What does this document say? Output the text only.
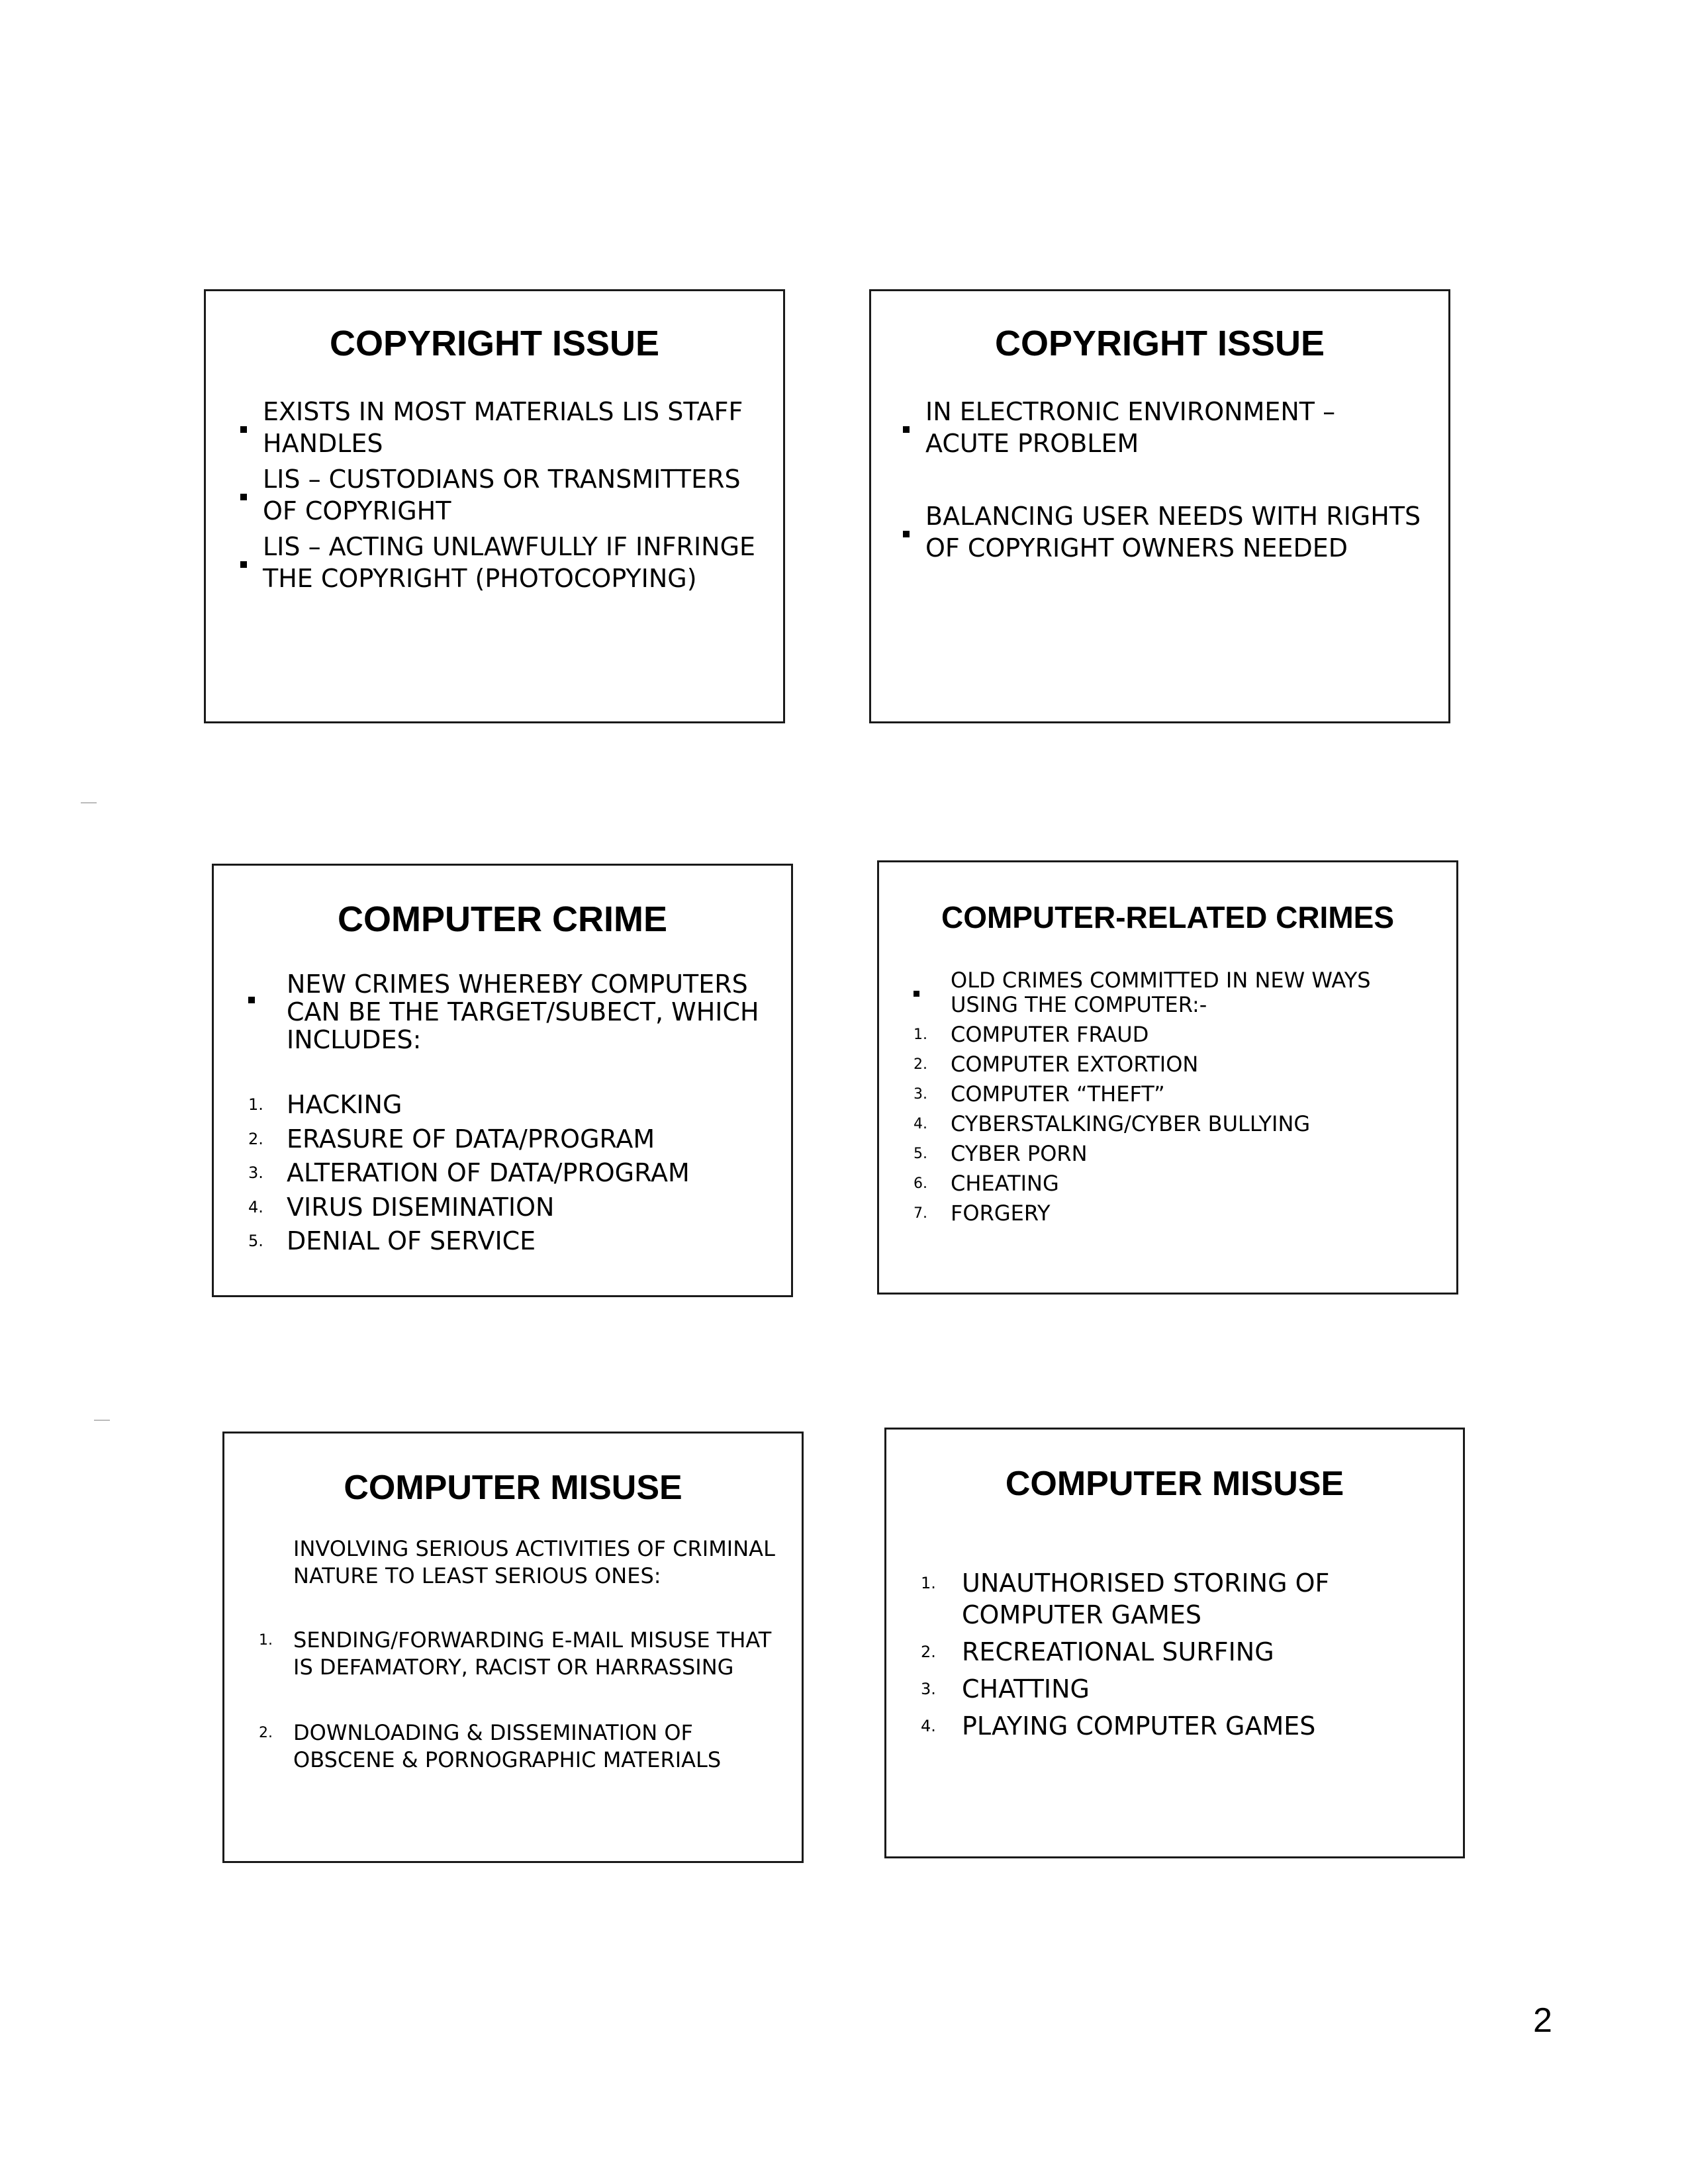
COPYRIGHT ISSUE
EXISTS IN MOST MATERIALS LIS STAFF HANDLES
LIS – CUSTODIANS OR TRANSMITTERS OF COPYRIGHT
LIS – ACTING UNLAWFULLY IF INFRINGE THE COPYRIGHT (PHOTOCOPYING)
COPYRIGHT ISSUE
IN ELECTRONIC ENVIRONMENT – ACUTE PROBLEM
BALANCING USER NEEDS WITH RIGHTS OF COPYRIGHT OWNERS NEEDED
COMPUTER CRIME
NEW CRIMES WHEREBY COMPUTERS CAN BE THE TARGET/SUBECT, WHICH INCLUDES:
1. HACKING
2. ERASURE OF DATA/PROGRAM
3. ALTERATION OF DATA/PROGRAM
4. VIRUS DISEMINATION
5. DENIAL OF SERVICE
COMPUTER-RELATED CRIMES
OLD CRIMES COMMITTED IN NEW WAYS USING THE COMPUTER:-
1. COMPUTER FRAUD
2. COMPUTER EXTORTION
3. COMPUTER “THEFT”
4. CYBERSTALKING/CYBER BULLYING
5. CYBER PORN
6. CHEATING
7. FORGERY
COMPUTER MISUSE
INVOLVING SERIOUS ACTIVITIES OF CRIMINAL NATURE TO LEAST SERIOUS ONES:
1. SENDING/FORWARDING E-MAIL MISUSE THAT IS DEFAMATORY, RACIST OR HARRASSING
2. DOWNLOADING & DISSEMINATION OF OBSCENE & PORNOGRAPHIC MATERIALS
COMPUTER MISUSE
1. UNAUTHORISED STORING OF COMPUTER GAMES
2. RECREATIONAL SURFING
3. CHATTING
4. PLAYING COMPUTER GAMES
2
